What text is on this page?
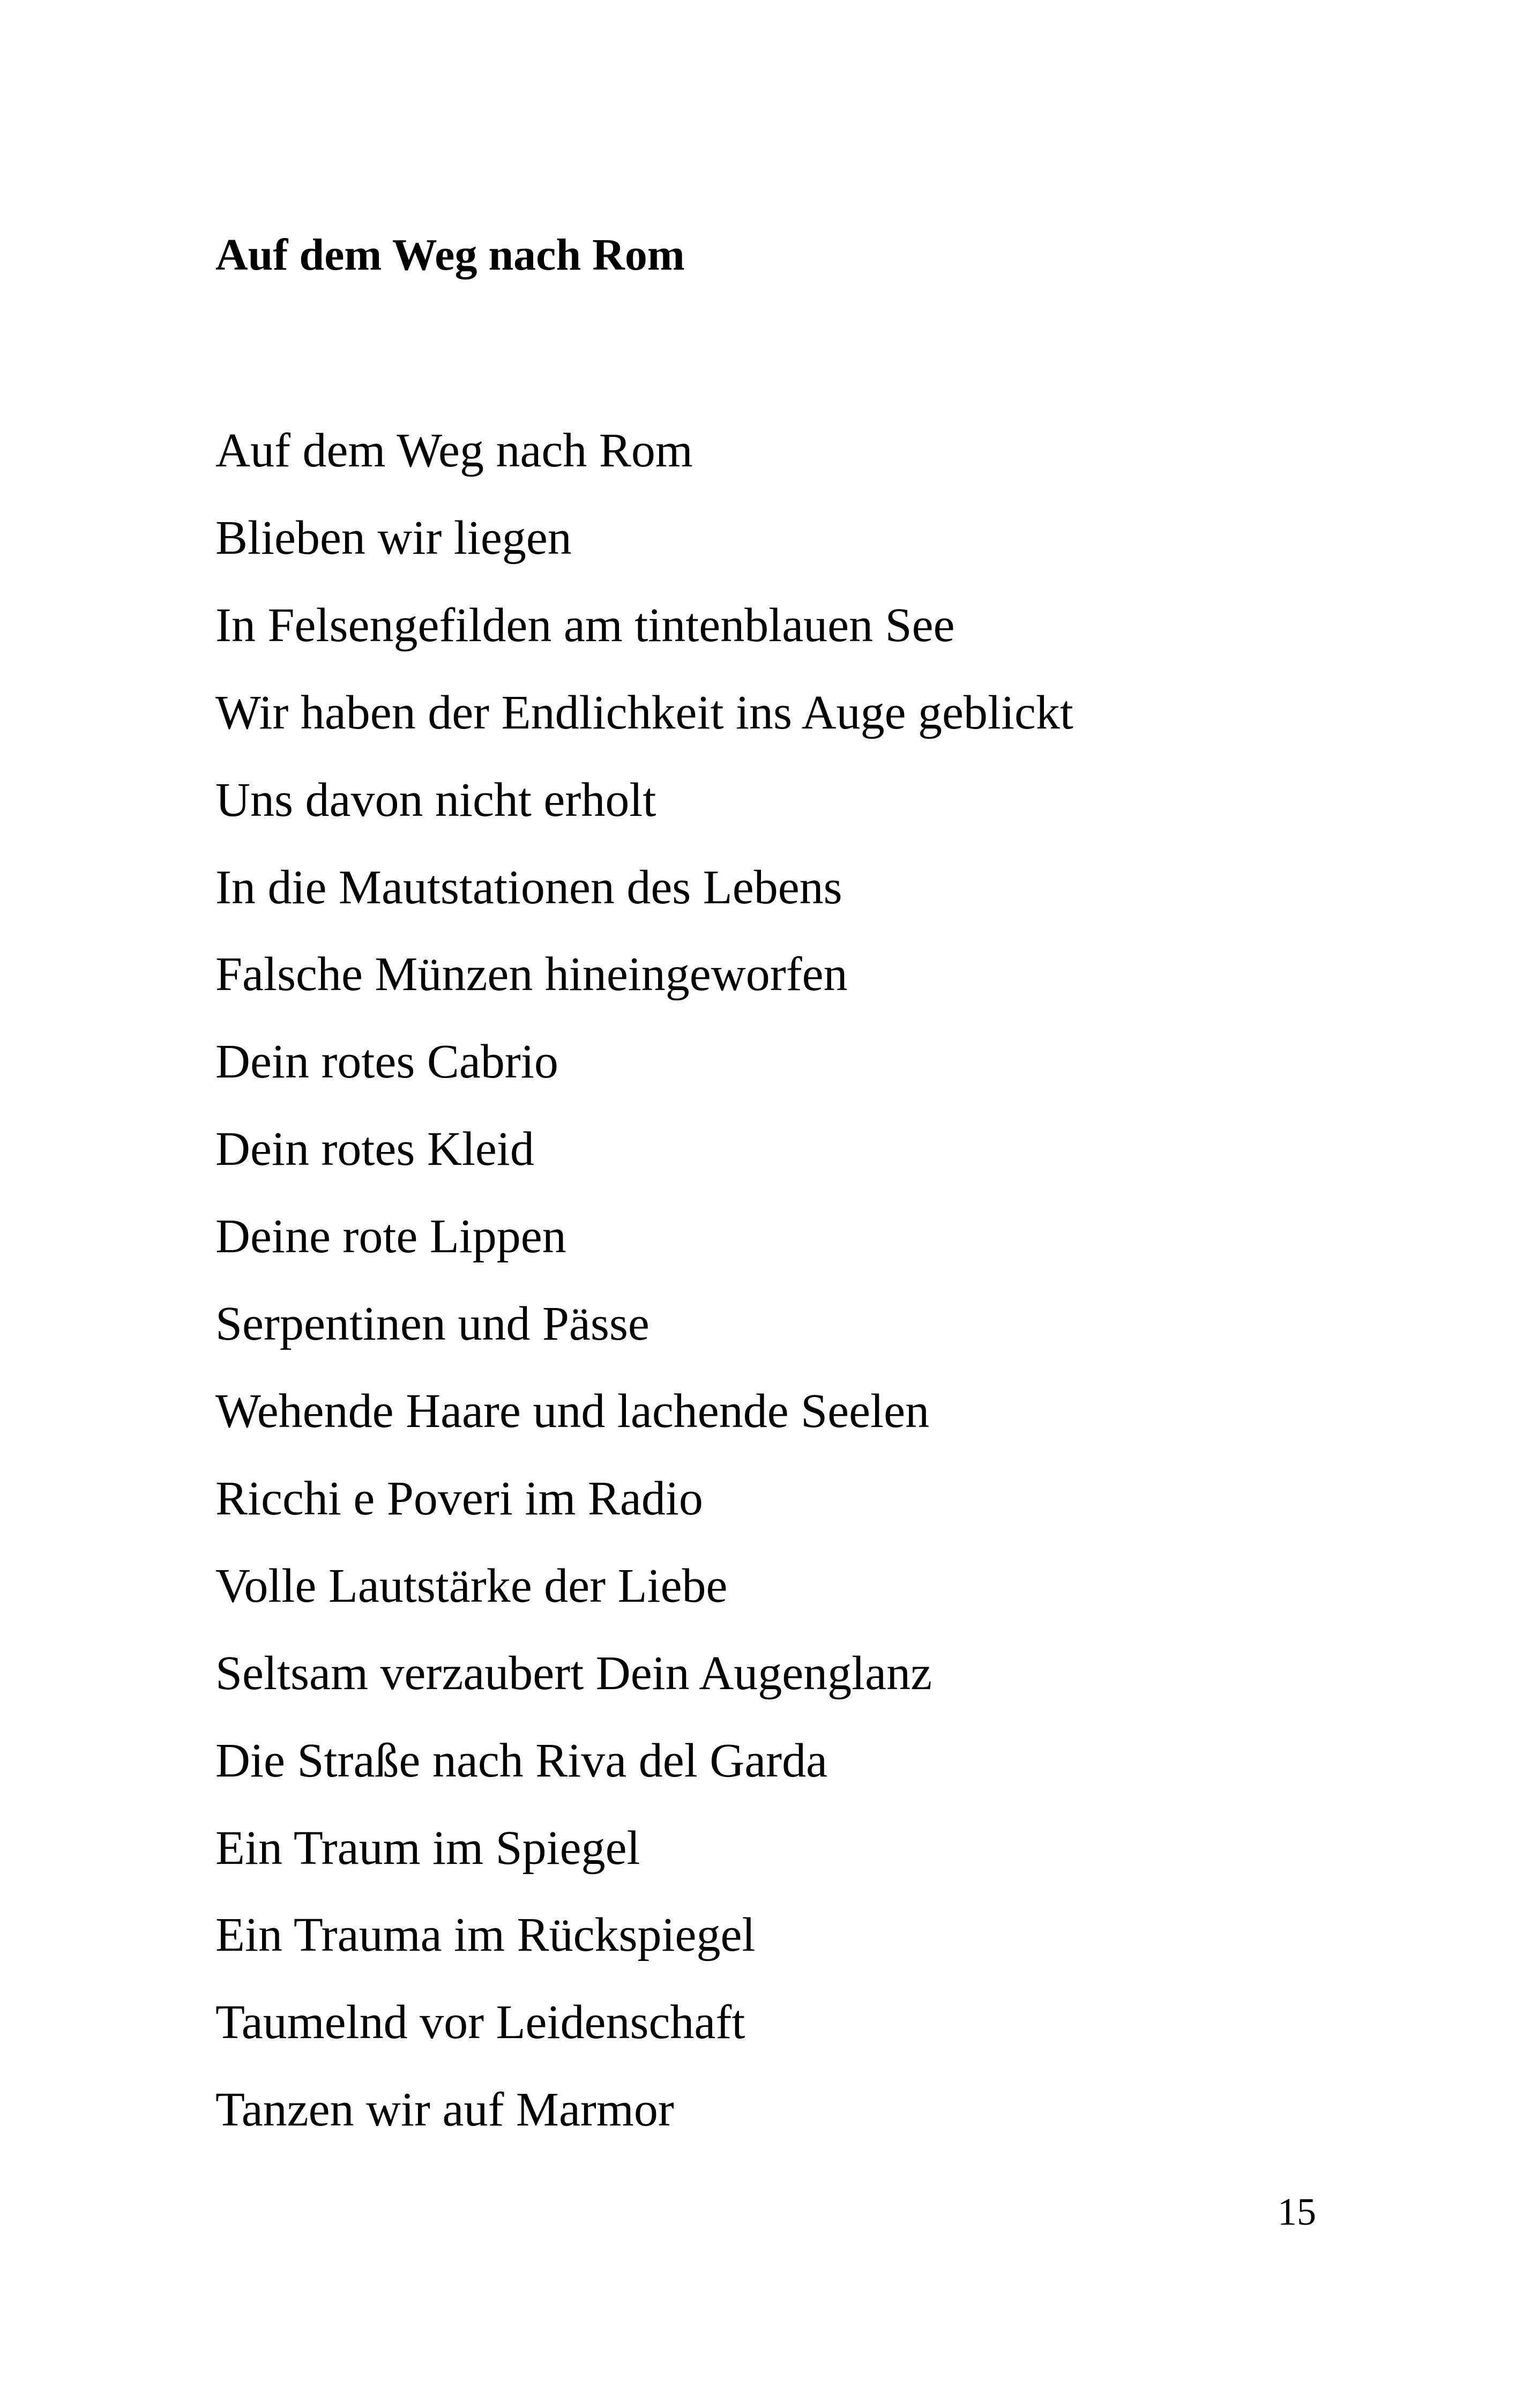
Auf dem Weg nach Rom
Auf dem Weg nach Rom
Blieben wir liegen
In Felsengefilden am tintenblauen See
Wir haben der Endlichkeit ins Auge geblickt
Uns davon nicht erholt
In die Mautstationen des Lebens
Falsche Münzen hineingeworfen
Dein rotes Cabrio
Dein rotes Kleid
Deine rote Lippen
Serpentinen und Pässe
Wehende Haare und lachende Seelen
Ricchi e Poveri im Radio
Volle Lautstärke der Liebe
Seltsam verzaubert Dein Augenglanz
Die Straße nach Riva del Garda
Ein Traum im Spiegel
Ein Trauma im Rückspiegel
Taumelnd vor Leidenschaft
Tanzen wir auf Marmor
15
